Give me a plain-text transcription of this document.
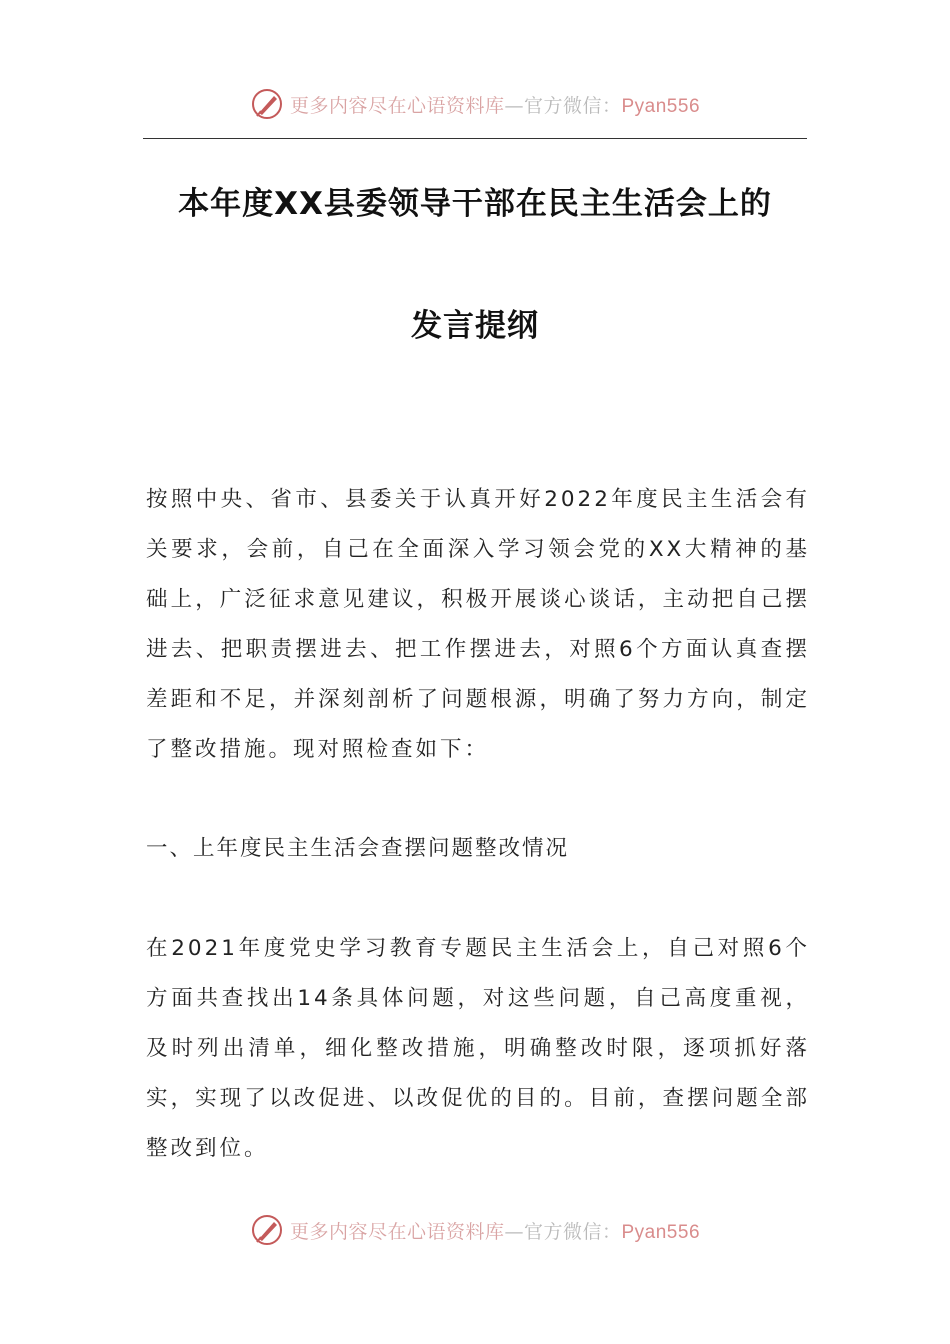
更多内容尽在心语资料库—官方微信：Pyan556
本年度XX县委领导干部在民主生活会上的
发言提纲

按照中央、省市、县委关于认真开好2022年度民主生活会有关要求，会前，自己在全面深入学习领会党的XX大精神的基础上，广泛征求意见建议，积极开展谈心谈话，主动把自己摆进去、把职责摆进去、把工作摆进去，对照6个方面认真查摆差距和不足，并深刻剖析了问题根源，明确了努力方向，制定了整改措施。现对照检查如下：

一、上年度民主生活会查摆问题整改情况

在2021年度党史学习教育专题民主生活会上，自己对照6个方面共查找出14条具体问题，对这些问题，自己高度重视，及时列出清单，细化整改措施，明确整改时限，逐项抓好落实，实现了以改促进、以改促优的目的。目前，查摆问题全部整改到位。

更多内容尽在心语资料库—官方微信：Pyan556
